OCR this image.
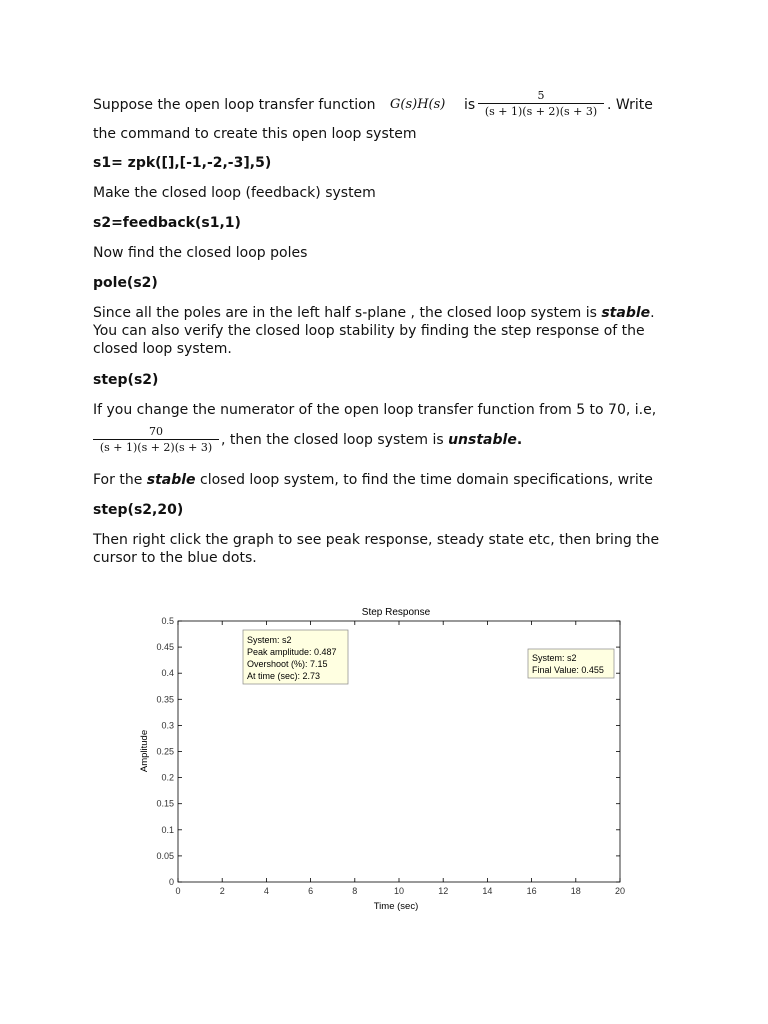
Suppose the open loop transfer function G(s)H(s) is
5
(s + 1)(s + 2)(s + 3) . Write
the command to create this open loop system
s1= zpk([],[-1,-2,-3],5)
Make the closed loop (feedback) system
s2=feedback(s1,1)
Now find the closed loop poles
pole(s2)
Since all the poles are in the left half s-plane , the closed loop system is stable. You can also verify the closed loop stability by finding the step response of the closed loop system.
step(s2)
If you change the numerator of the open loop transfer function from 5 to 70, i.e,
70
(s + 1)(s + 2)(s + 3) , then the closed loop system is unstable.
For the stable closed loop system, to find the time domain specifications, write
step(s2,20)
Then right click the graph to see peak response, steady state etc, then bring the cursor to the blue dots.
Step Response
0	2	4	6	8	10	12	14	16	18	20
0
0.05
0.1
0.15
0.2
0.25
0.3
0.35
0.4
0.45
0.5
Time (sec)
Amplitude
System: s2
Peak amplitude: 0.487
Overshoot (%): 7.15
At time (sec): 2.73
System: s2
Final Value: 0.455
